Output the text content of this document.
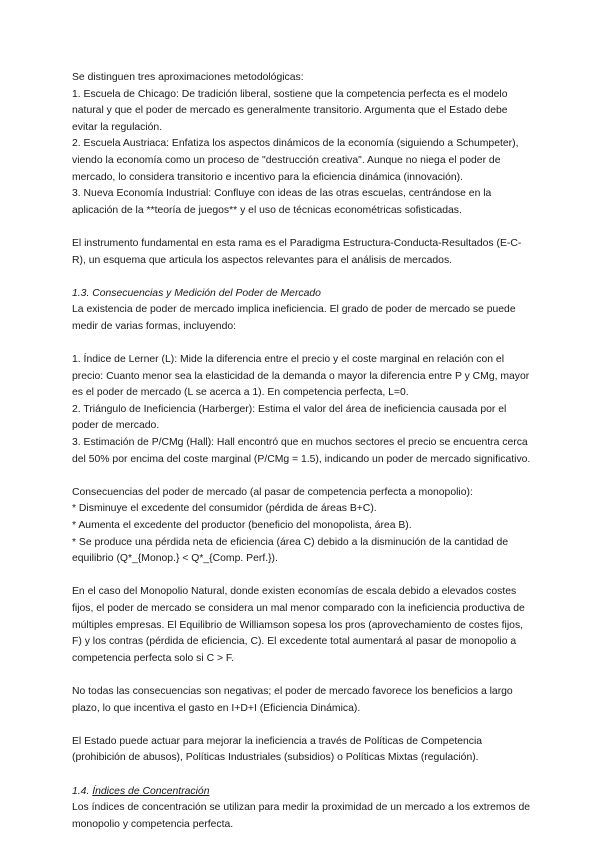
Se distinguen tres aproximaciones metodológicas:

1. Escuela de Chicago: De tradición liberal, sostiene que la competencia perfecta es el modelo natural y que el poder de mercado es generalmente transitorio. Argumenta que el Estado debe evitar la regulación.

2. Escuela Austriaca: Enfatiza los aspectos dinámicos de la economía (siguiendo a Schumpeter), viendo la economía como un proceso de "destrucción creativa". Aunque no niega el poder de mercado, lo considera transitorio e incentivo para la eficiencia dinámica (innovación).

3. Nueva Economía Industrial: Confluye con ideas de las otras escuelas, centrándose en la aplicación de la **teoría de juegos** y el uso de técnicas econométricas sofisticadas.

El instrumento fundamental en esta rama es el Paradigma Estructura-Conducta-Resultados (E-C-R), un esquema que articula los aspectos relevantes para el análisis de mercados.

1.3. Consecuencias y Medición del Poder de Mercado

La existencia de poder de mercado implica ineficiencia. El grado de poder de mercado se puede medir de varias formas, incluyendo:

1. Índice de Lerner (L): Mide la diferencia entre el precio y el coste marginal en relación con el precio: Cuanto menor sea la elasticidad de la demanda o mayor la diferencia entre P y CMg, mayor es el poder de mercado (L se acerca a 1). En competencia perfecta, L=0.

2. Triángulo de Ineficiencia (Harberger): Estima el valor del área de ineficiencia causada por el poder de mercado.

3. Estimación de P/CMg (Hall): Hall encontró que en muchos sectores el precio se encuentra cerca del 50% por encima del coste marginal (P/CMg = 1.5), indicando un poder de mercado significativo.

Consecuencias del poder de mercado (al pasar de competencia perfecta a monopolio):

* Disminuye el excedente del consumidor (pérdida de áreas B+C).

* Aumenta el excedente del productor (beneficio del monopolista, área B).

* Se produce una pérdida neta de eficiencia (área C) debido a la disminución de la cantidad de equilibrio (Q*_{Monop.} < Q*_{Comp. Perf.}).

En el caso del Monopolio Natural, donde existen economías de escala debido a elevados costes fijos, el poder de mercado se considera un mal menor comparado con la ineficiencia productiva de múltiples empresas. El Equilibrio de Williamson sopesa los pros (aprovechamiento de costes fijos, F) y los contras (pérdida de eficiencia, C). El excedente total aumentará al pasar de monopolio a competencia perfecta solo si C > F.

No todas las consecuencias son negativas; el poder de mercado favorece los beneficios a largo plazo, lo que incentiva el gasto en I+D+I (Eficiencia Dinámica).

El Estado puede actuar para mejorar la ineficiencia a través de Políticas de Competencia (prohibición de abusos), Políticas Industriales (subsidios) o Políticas Mixtas (regulación).

1.4. Índices de Concentración

Los índices de concentración se utilizan para medir la proximidad de un mercado a los extremos de monopolio y competencia perfecta.
